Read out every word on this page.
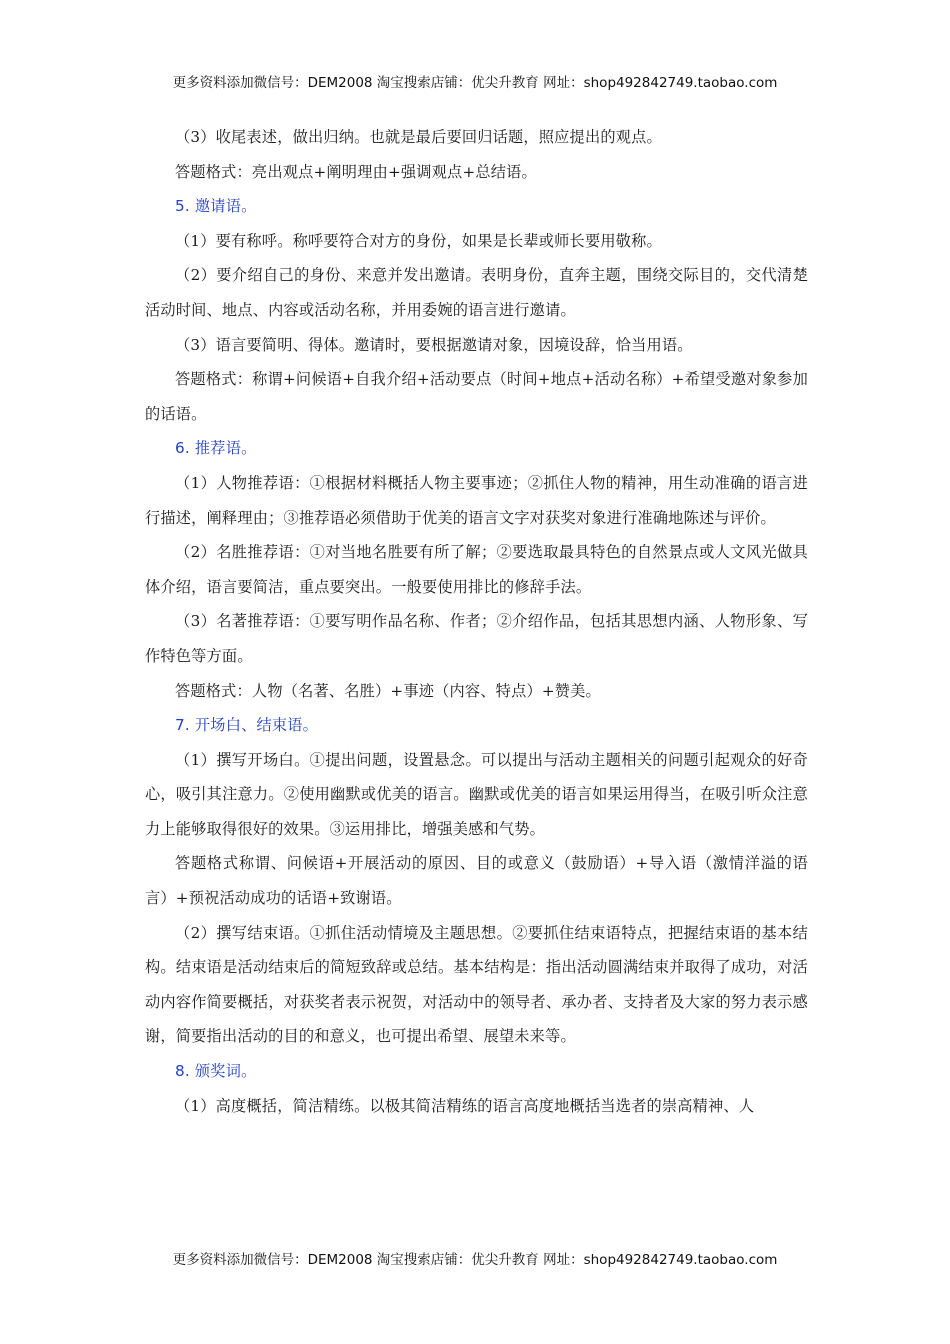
更多资料添加微信号：DEM2008 淘宝搜索店铺：优尖升教育 网址：shop492842749.taobao.com

（3）收尾表述，做出归纳。也就是最后要回归话题，照应提出的观点。

答题格式：亮出观点+阐明理由+强调观点+总结语。

5. 邀请语。

（1）要有称呼。称呼要符合对方的身份，如果是长辈或师长要用敬称。

（2）要介绍自己的身份、来意并发出邀请。表明身份，直奔主题，围绕交际目的，交代清楚活动时间、地点、内容或活动名称，并用委婉的语言进行邀请。

（3）语言要简明、得体。邀请时，要根据邀请对象，因境设辞，恰当用语。

答题格式：称谓+问候语+自我介绍+活动要点（时间+地点+活动名称）+希望受邀对象参加的话语。

6. 推荐语。

（1）人物推荐语：①根据材料概括人物主要事迹；②抓住人物的精神，用生动准确的语言进行描述，阐释理由；③推荐语必须借助于优美的语言文字对获奖对象进行准确地陈述与评价。

（2）名胜推荐语：①对当地名胜要有所了解；②要选取最具特色的自然景点或人文风光做具体介绍，语言要简洁，重点要突出。一般要使用排比的修辞手法。

（3）名著推荐语：①要写明作品名称、作者；②介绍作品，包括其思想内涵、人物形象、写作特色等方面。

答题格式：人物（名著、名胜）+事迹（内容、特点）+赞美。

7. 开场白、结束语。

（1）撰写开场白。①提出问题，设置悬念。可以提出与活动主题相关的问题引起观众的好奇心，吸引其注意力。②使用幽默或优美的语言。幽默或优美的语言如果运用得当，在吸引听众注意力上能够取得很好的效果。③运用排比，增强美感和气势。

答题格式称谓、问候语+开展活动的原因、目的或意义（鼓励语）+导入语（激情洋溢的语言）+预祝活动成功的话语+致谢语。

（2）撰写结束语。①抓住活动情境及主题思想。②要抓住结束语特点，把握结束语的基本结构。结束语是活动结束后的简短致辞或总结。基本结构是：指出活动圆满结束并取得了成功，对活动内容作简要概括，对获奖者表示祝贺，对活动中的领导者、承办者、支持者及大家的努力表示感谢，简要指出活动的目的和意义，也可提出希望、展望未来等。

8. 颁奖词。

（1）高度概括，简洁精练。以极其简洁精练的语言高度地概括当选者的崇高精神、人

更多资料添加微信号：DEM2008 淘宝搜索店铺：优尖升教育 网址：shop492842749.taobao.com
